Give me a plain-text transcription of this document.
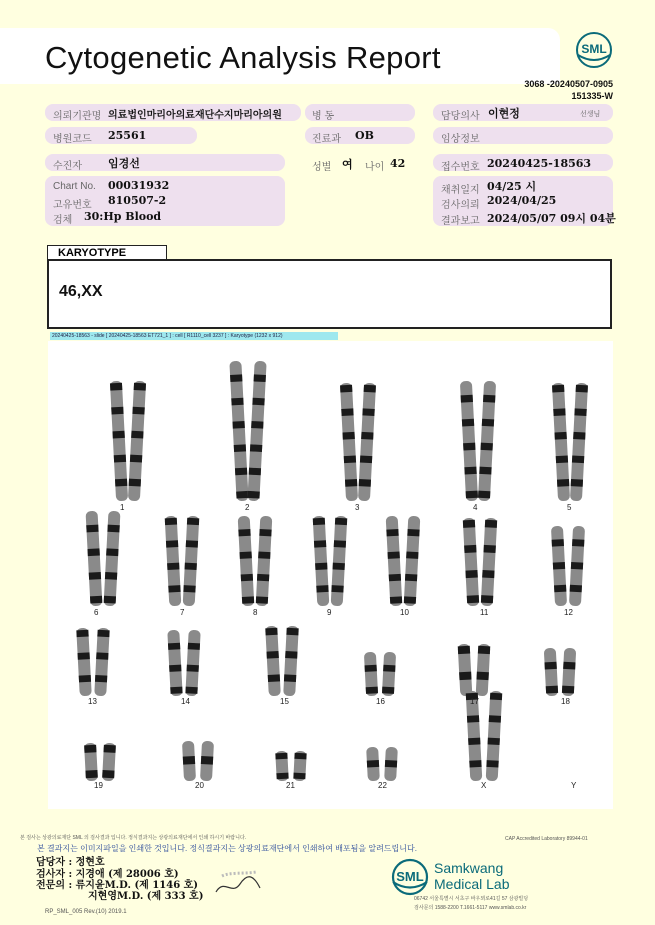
Cytogenetic Analysis Report	SML
3068 -20240507-0905
151335-W
의뢰기관명 의료법인마리아의료재단수지마리아의원	병 동	담당의사 이현정	선생님
병원코드 25561	진료과 OB	임상정보
수진자 임경선	성별 여 나이 42	접수번호 20240425-18563
Chart No. 00031932
고유번호 810507-2
검체 30:Hp Blood
채취일지 04/25 시
검사의뢰 2024/04/25
결과보고 2024/05/07 09시 04분
KARYOTYPE
46,XX
20240425-18563 - slide [ 20240425-18563 ET721_1 ] : cell [ R1110_cell 3237 ] : Karyotype (1232 x 912)
1	2	3	4	5
6	7	8	9	10	11	12
13	14	15	16	17	18
19	20	21	22	X	Y
본 검사는 상광의료재단 SML 의 검사결과 입니다. 정식결과지는 상광의료재단에서 인쇄 하시기 바랍니다.	CAP Accredited Laboratory 89944-01
본 결과지는 이미지파일을 인쇄한 것입니다. 정식결과지는 상광의료재단에서 인쇄하여 배포됨을 알려드립니다.
담당자 : 정현호
검사자 : 지경애 (제 28006 호)
전문의 : 류지윤M.D. (제 1146 호)
지현영M.D. (제 333 호)
SML
Samkwang
Medical Lab
06742 서울특별시 서초구 바우뫼로41길 57 삼광빌딩
검사문의 1588-2200 T.1661-5117 www.smlab.co.kr
RP_SML_005 Rev.(10) 2019.1
